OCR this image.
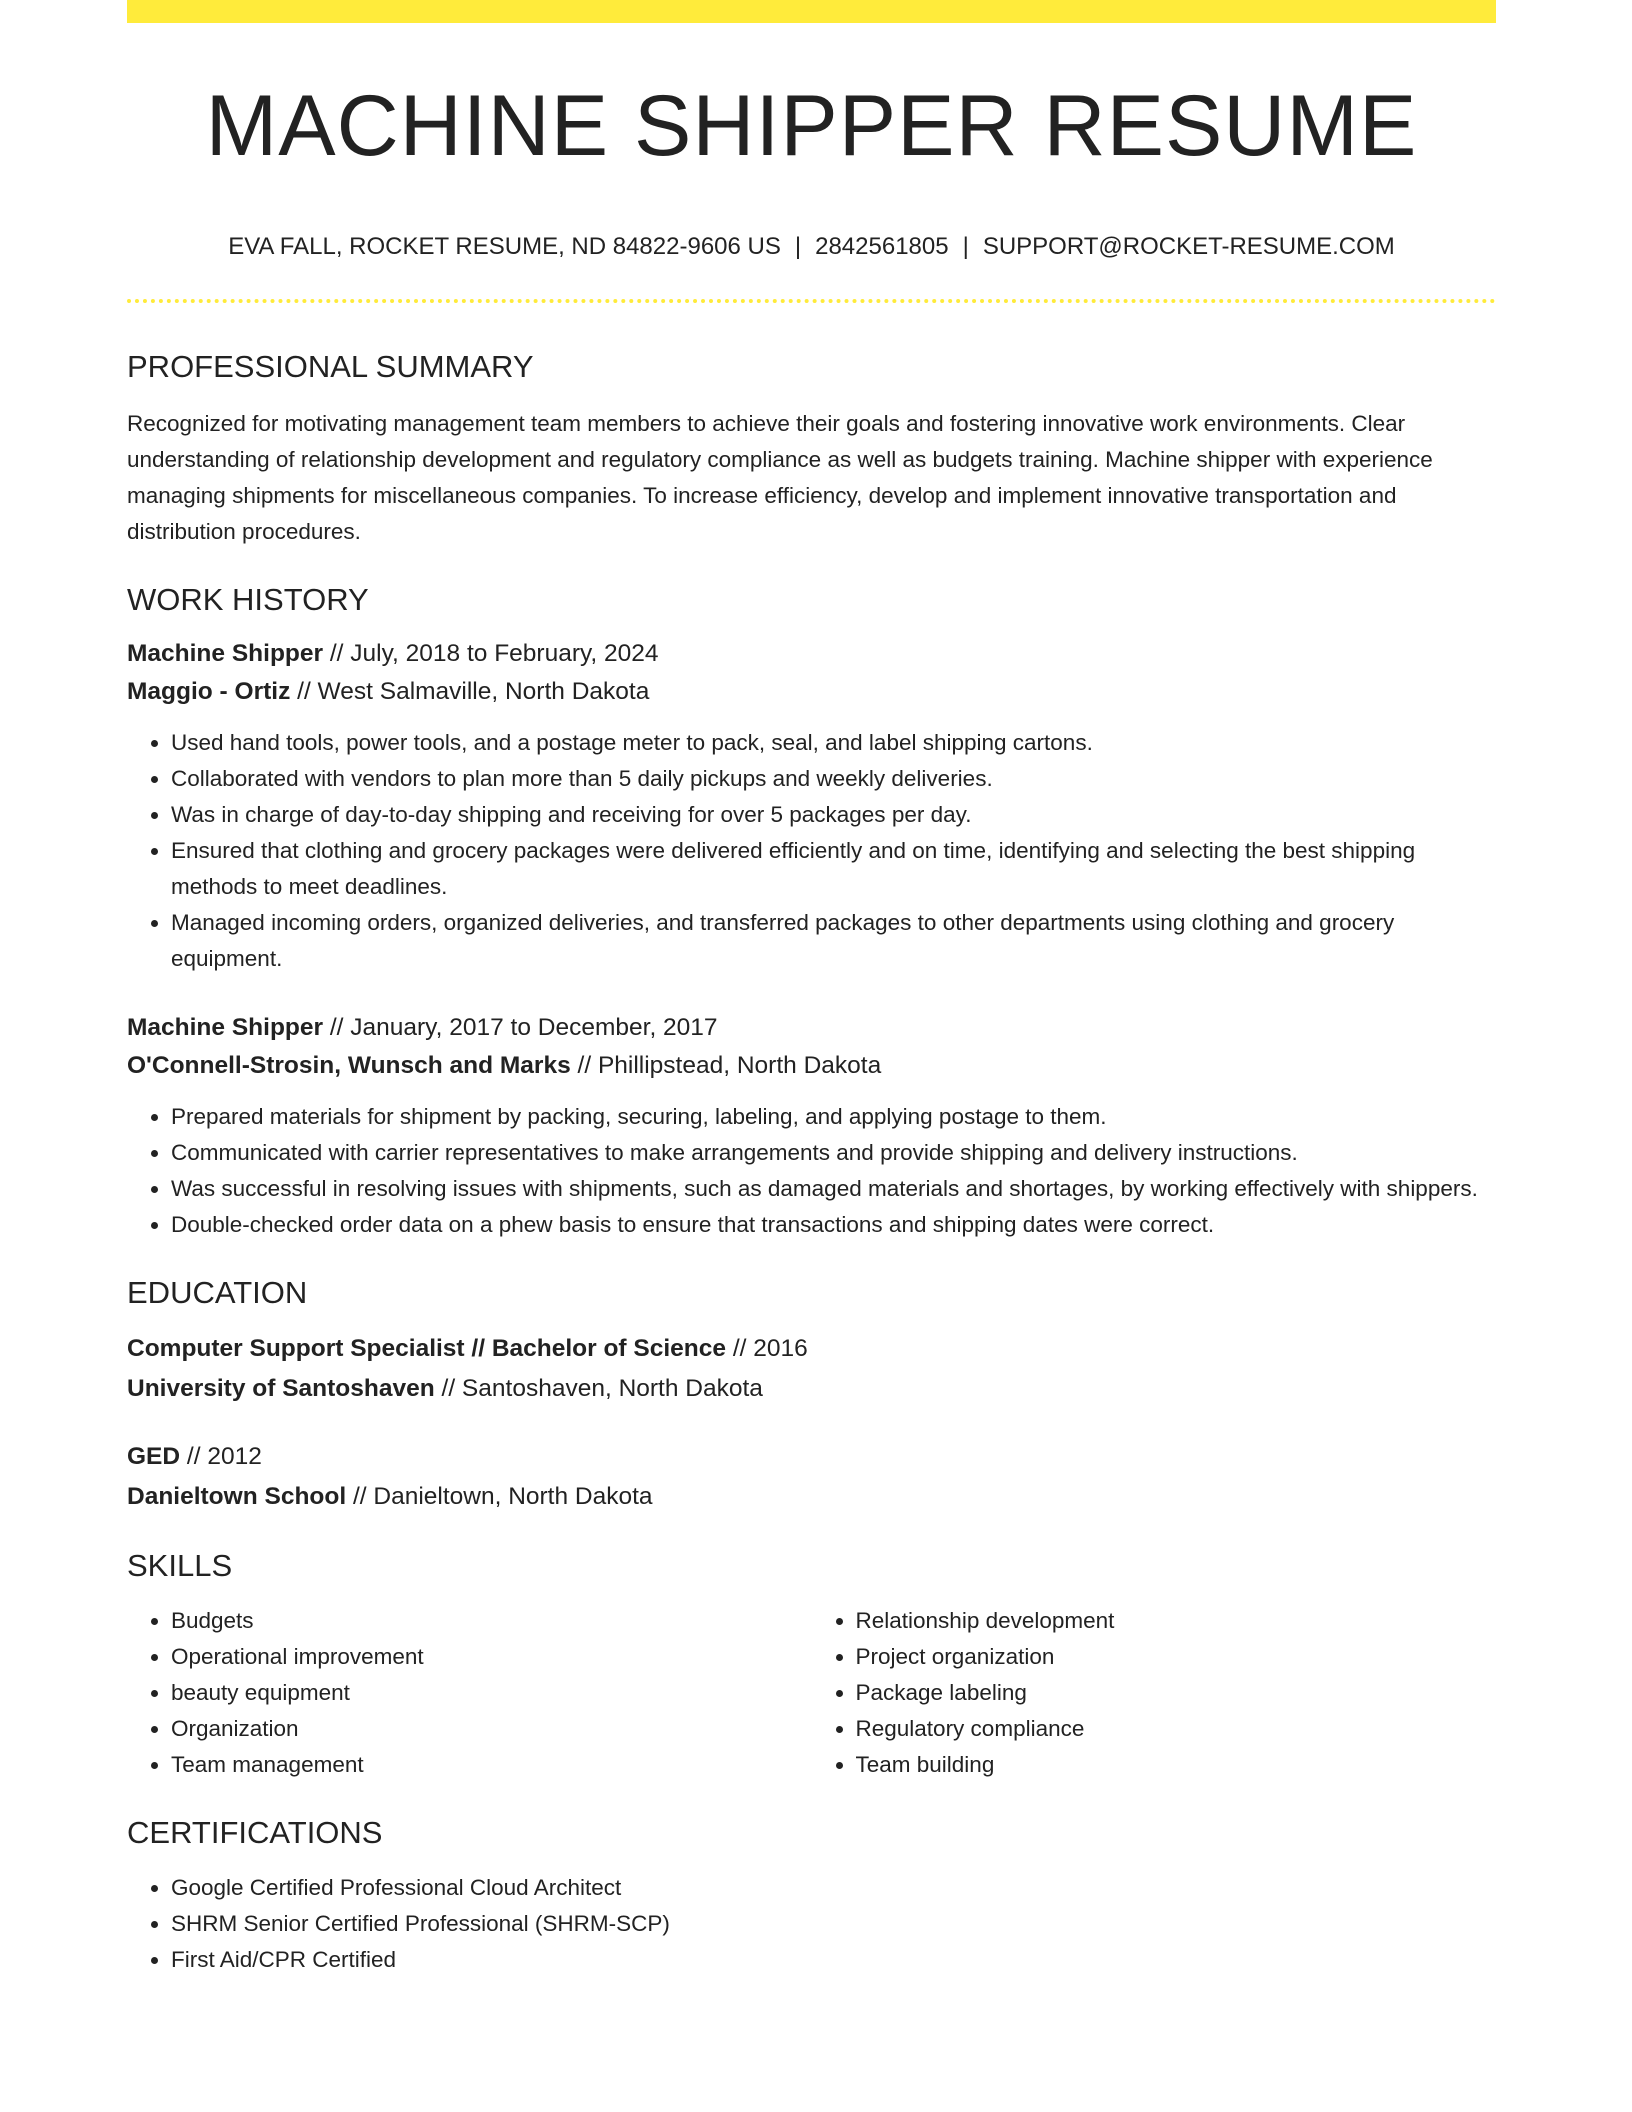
MACHINE SHIPPER RESUME
EVA FALL, ROCKET RESUME, ND 84822-9606 US | 2842561805 | SUPPORT@ROCKET-RESUME.COM
PROFESSIONAL SUMMARY

Recognized for motivating management team members to achieve their goals and fostering innovative work environments. Clear understanding of relationship development and regulatory compliance as well as budgets training. Machine shipper with experience managing shipments for miscellaneous companies. To increase efficiency, develop and implement innovative transportation and distribution procedures.

WORK HISTORY
Machine Shipper // July, 2018 to February, 2024
Maggio - Ortiz // West Salmaville, North Dakota
• Used hand tools, power tools, and a postage meter to pack, seal, and label shipping cartons.
• Collaborated with vendors to plan more than 5 daily pickups and weekly deliveries.
• Was in charge of day-to-day shipping and receiving for over 5 packages per day.
• Ensured that clothing and grocery packages were delivered efficiently and on time, identifying and selecting the best shipping methods to meet deadlines.
• Managed incoming orders, organized deliveries, and transferred packages to other departments using clothing and grocery equipment.
Machine Shipper // January, 2017 to December, 2017
O'Connell-Strosin, Wunsch and Marks // Phillipstead, North Dakota
• Prepared materials for shipment by packing, securing, labeling, and applying postage to them.
• Communicated with carrier representatives to make arrangements and provide shipping and delivery instructions.
• Was successful in resolving issues with shipments, such as damaged materials and shortages, by working effectively with shippers.
• Double-checked order data on a phew basis to ensure that transactions and shipping dates were correct.
EDUCATION
Computer Support Specialist // Bachelor of Science // 2016
University of Santoshaven // Santoshaven, North Dakota
GED // 2012
Danieltown School // Danieltown, North Dakota
SKILLS
• Budgets
• Operational improvement
• beauty equipment
• Organization
• Team management
• Relationship development
• Project organization
• Package labeling
• Regulatory compliance
• Team building
CERTIFICATIONS
• Google Certified Professional Cloud Architect
• SHRM Senior Certified Professional (SHRM-SCP)
• First Aid/CPR Certified
